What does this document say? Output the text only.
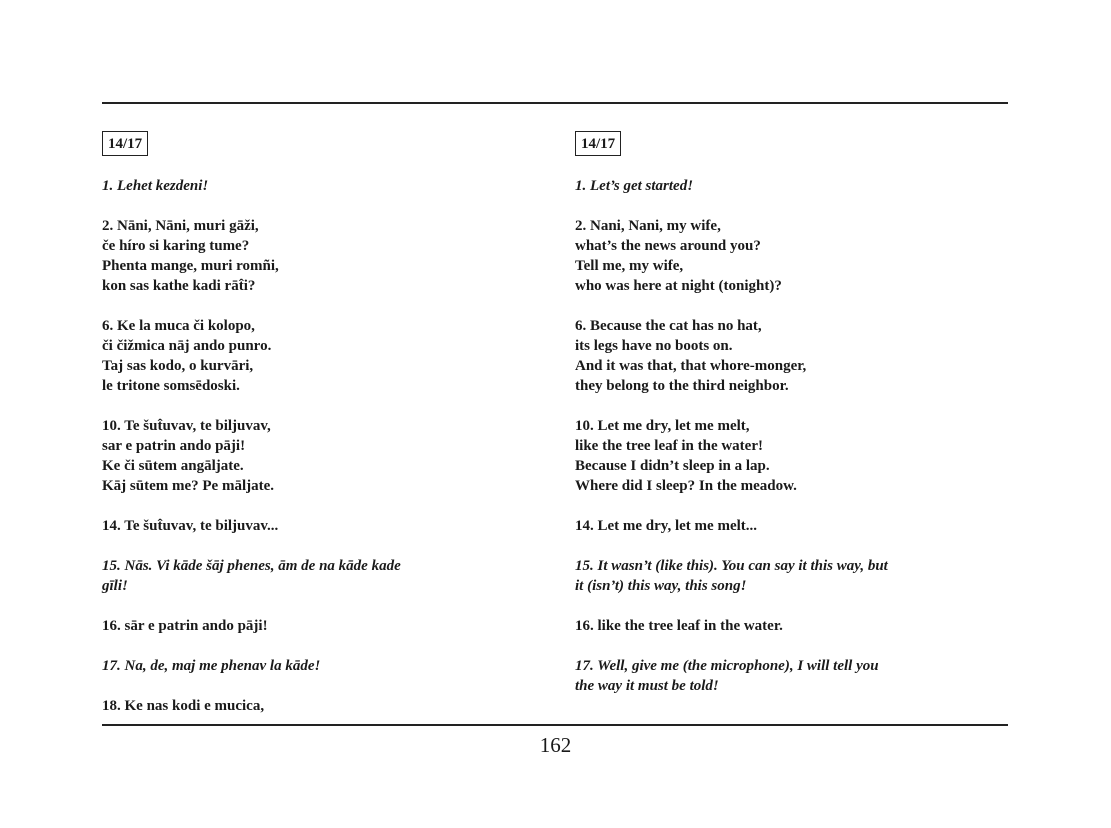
14/17
1. Lehet kezdeni!
2. Nāni, Nāni, muri gāži,
če híro si karing tume?
Phenta mange, muri romñi,
kon sas kathe kadi rāt̂i?
6. Ke la muca či kolopo,
či čižmica nāj ando punro.
Taj sas kodo, o kurvāri,
le tritone somsēdoski.
10. Te šut̂uvav, te biljuvav,
sar e patrin ando pāji!
Ke či sūtem angāljate.
Kāj sūtem me? Pe māljate.
14. Te šut̂uvav, te biljuvav...
15. Nās. Vi kāde šāj phenes, ām de na kāde kade
gīli!
16. sār e patrin ando pāji!
17. Na, de, maj me phenav la kāde!
18. Ke nas kodi e mucica,
14/17
1. Let’s get started!
2. Nani, Nani, my wife,
what’s the news around you?
Tell me, my wife,
who was here at night (tonight)?
6. Because the cat has no hat,
its legs have no boots on.
And it was that, that whore-monger,
they belong to the third neighbor.
10. Let me dry, let me melt,
like the tree leaf in the water!
Because I didn’t sleep in a lap.
Where did I sleep? In the meadow.
14. Let me dry, let me melt...
15. It wasn’t (like this). You can say it this way, but
it (isn’t) this way, this song!
16. like the tree leaf in the water.
17. Well, give me (the microphone), I will tell you
the way it must be told!
162
